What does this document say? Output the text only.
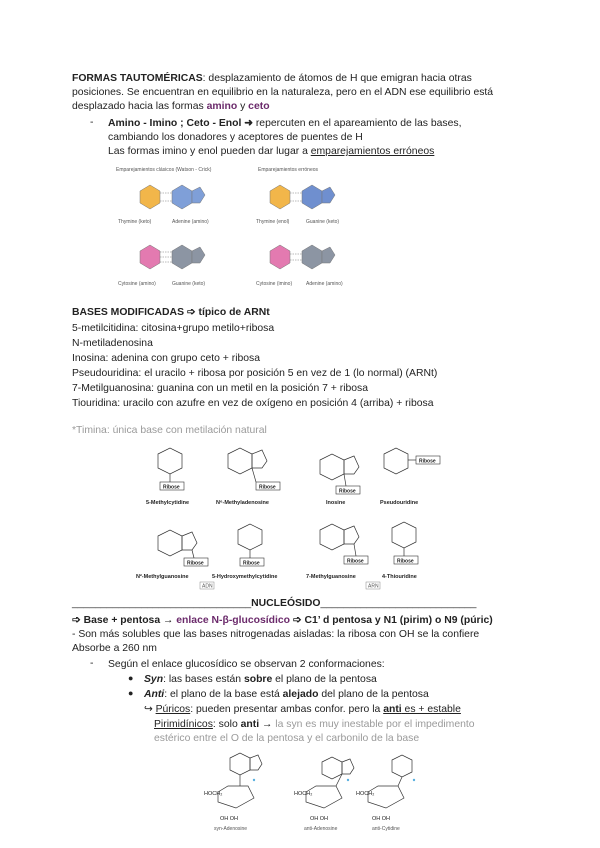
FORMAS TAUTOMÉRICAS: desplazamiento de átomos de H que emigran hacia otras
posiciones. Se encuentran en equilibrio en la naturaleza, pero en el ADN ese equilibrio está
desplazado hacia las formas amino y ceto
- Amino - Imino ; Ceto - Enol ➜ repercuten en el apareamiento de las bases,
cambiando los donadores y aceptores de puentes de H
Las formas imino y enol pueden dar lugar a emparejamientos erróneos
Emparejamientos clásicos (Watson - Crick)	Emparejamientos erróneos
Thymine (keto)	Adenine (amino)	Thymine (enol)	Guanine (keto)
Cytosine (amino)	Guanine (keto)	Cytosine (imino)	Adenine (amino)
BASES MODIFICADAS ➩ típico de ARNt
5-metilcitidina: citosina+grupo metilo+ribosa
N-metiladenosina
Inosina: adenina con grupo ceto + ribosa
Pseudouridina: el uracilo + ribosa por posición 5 en vez de 1 (lo normal) (ARNt)
7-Metilguanosina: guanina con un metil en la posición 7 + ribosa
Tiouridina: uracilo con azufre en vez de oxígeno en posición 4 (arriba) + ribosa
*Timina: única base con metilación natural
Ribose	Ribose
Ribose
Ribose
Ribose	Ribose	Ribose	Ribose
5-Methylcytidine	N⁶-Methyladenosine	Inosine	Pseudouridine
N²-Methylguanosine	5-Hydroxymethylcytidine	7-Methylguanosine	4-Thiouridine
ADN	ARN
_______________________________NUCLEÓSIDO___________________________
➩ Base + pentosa → enlace N-β-glucosídico ➩ C1’ d pentosa y N1 (pirim) o N9 (púric)
- Son más solubles que las bases nitrogenadas aisladas: la ribosa con OH se la confiere
Absorbe a 260 nm
- Según el enlace glucosídico se observan 2 conformaciones:
● Syn: las bases están sobre el plano de la pentosa
● Anti: el plano de la base está alejado del plano de la pentosa
↪ Púricos: pueden presentar ambas confor. pero la anti es + estable
Pirimidínicos: solo anti → la syn es muy inestable por el impedimento
estérico entre el O de la pentosa y el carbonilo de la base
HOCH₂	HOCH₂	HOCH₂
OH OH	OH OH	OH OH
syn-Adenosine	anti-Adenosine	anti-Cytidine
